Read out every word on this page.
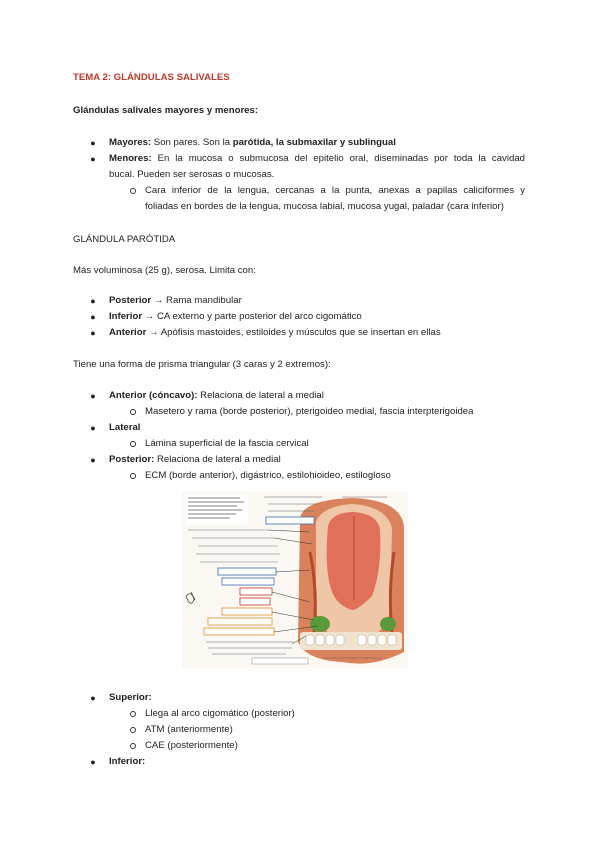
TEMA 2: GLÁNDULAS SALIVALES
Glándulas salivales mayores y menores:
● Mayores: Son pares. Son la parótida, la submaxilar y sublingual
● Menores: En la mucosa o submucosa del epitelio oral, diseminadas por toda la cavidad
bucal. Pueden ser serosas o mucosas.
Cara inferior de la lengua, cercanas a la punta, anexas a papilas caliciformes y
foliadas en bordes de la lengua, mucosa labial, mucosa yugal, paladar (cara inferior)
GLÁNDULA PARÓTIDA
Más voluminosa (25 g), serosa. Limita con:
● Posterior → Rama mandibular
● Inferior → CA externo y parte posterior del arco cigomático
● Anterior → Apófisis mastoides, estiloides y músculos que se insertan en ellas
Tiene una forma de prisma triangular (3 caras y 2 extremos):
● Anterior (cóncavo): Relaciona de lateral a medial
Masetero y rama (borde posterior), pterigoideo medial, fascia interpterigoidea
● Lateral
Lámina superficial de la fascia cervical
● Posterior: Relaciona de lateral a medial
ECM (borde anterior), digástrico, estilohioideo, estilogloso
● Superior:
Llega al arco cigomático (posterior)
ATM (anteriormente)
CAE (posteriormente)
● Inferior:
